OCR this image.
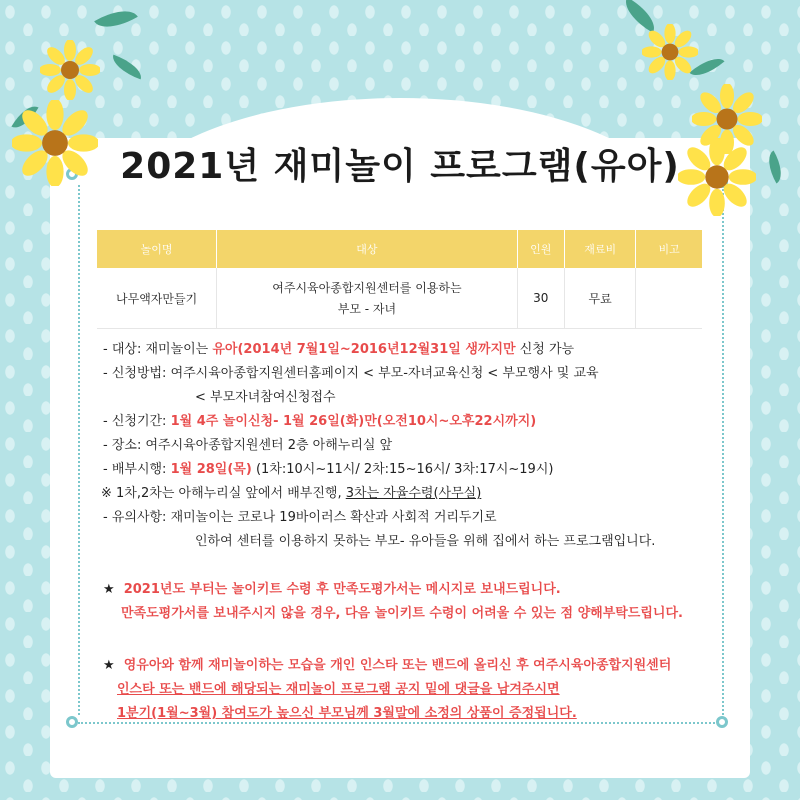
2021년 재미놀이 프로그램(유아)
놀이명	대상	인원	재료비	비고
나무액자만들기	여주시육아종합지원센터를 이용하는
부모 - 자녀	30	무료	
- 대상: 재미놀이는 유아(2014년 7월1일~2016년12월31일 생까지만 신청 가능
- 신청방법: 여주시육아종합지원센터홈페이지 < 부모-자녀교육신청 < 부모행사 및 교육
< 부모자녀참여신청접수
- 신청기간: 1월 4주 놀이신청- 1월 26일(화)만(오전10시~오후22시까지)
- 장소: 여주시육아종합지원센터 2층 아해누리실 앞
- 배부시행: 1월 28일(목) (1차:10시~11시/ 2차:15~16시/ 3차:17시~19시)
※ 1차,2차는 아해누리실 앞에서 배부진행, 3차는 자율수령(사무실)
- 유의사항: 재미놀이는 코로나 19바이러스 확산과 사회적 거리두기로
인하여 센터를 이용하지 못하는 부모- 유아들을 위해 집에서 하는 프로그램입니다.
★ 2021년도 부터는 놀이키트 수령 후 만족도평가서는 메시지로 보내드립니다.
만족도평가서를 보내주시지 않을 경우, 다음 놀이키트 수령이 어려울 수 있는 점 양해부탁드립니다.
★ 영유아와 함께 재미놀이하는 모습을 개인 인스타 또는 밴드에 올리신 후 여주시육아종합지원센터
인스타 또는 밴드에 해당되는 재미놀이 프로그램 공지 밑에 댓글을 남겨주시면
1분기(1월~3월) 참여도가 높으신 부모님께 3월말에 소정의 상품이 증정됩니다.
